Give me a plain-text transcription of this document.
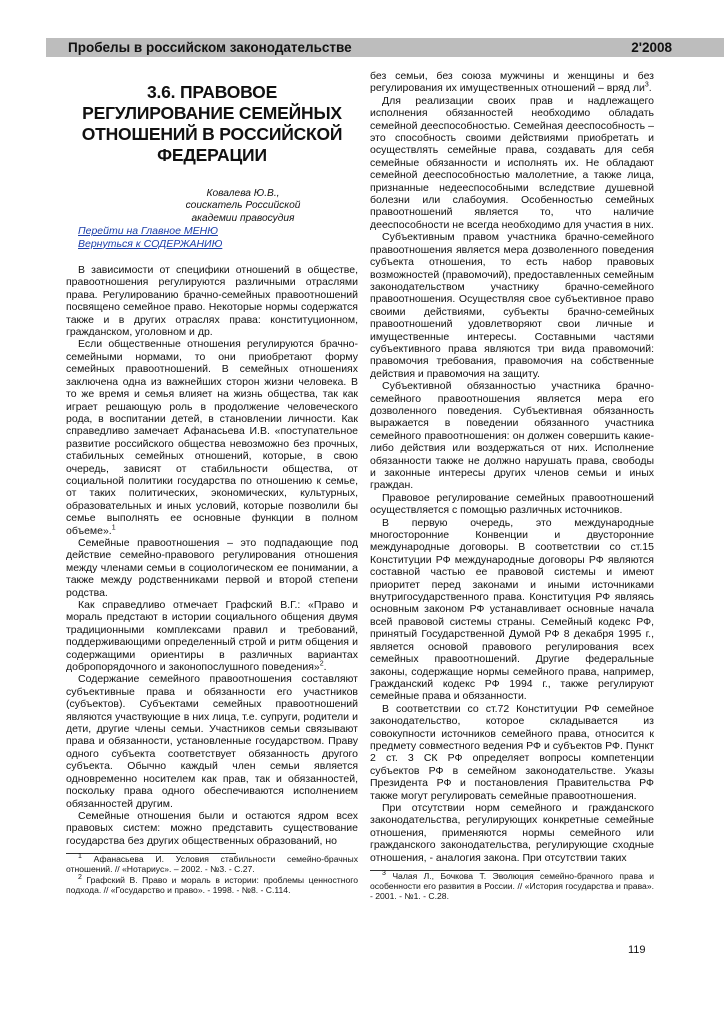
Пробелы в российском законодательстве	2'2008
3.6. ПРАВОВОЕ
РЕГУЛИРОВАНИЕ СЕМЕЙНЫХ
ОТНОШЕНИЙ В РОССИЙСКОЙ
ФЕДЕРАЦИИ
Ковалева Ю.В.,
соискатель Российской
академии правосудия
Перейти на Главное МЕНЮ
Вернуться к СОДЕРЖАНИЮ

В зависимости от специфики отношений в обществе, правоотношения регулируются различными отраслями права. Регулированию брачно-семейных правоотношений посвящено семейное право. Некоторые нормы содержатся также и в других отраслях права: конституционном, гражданском, уголовном и др.

Если общественные отношения регулируются брачно-семейными нормами, то они приобретают форму семейных правоотношений. В семейных отношениях заключена одна из важнейших сторон жизни человека. В то же время и семья влияет на жизнь общества, так как играет решающую роль в продолжение человеческого рода, в воспитании детей, в становлении личности. Как справедливо замечает Афанасьева И.В. «поступательное развитие российского общества невозможно без прочных, стабильных семейных отношений, которые, в свою очередь, зависят от стабильности общества, от социальной политики государства по отношению к семье, от таких политических, экономических, культурных, образовательных и иных условий, которые позволили бы семье выполнять ее основные функции в полном объеме».$^1$

Семейные правоотношения – это подпадающие под действие семейно-правового регулирования отношения между членами семьи в социологическом ее понимании, а также между родственниками первой и второй степени родства.

Как справедливо отмечает Графский В.Г.: «Право и мораль предстают в истории социального общения двумя традиционными комплексами правил и требований, поддерживающими определенный строй и ритм общения и содержащими ориентиры в различных вариантах добропорядочного и законопослушного поведения»$^2$.

Содержание семейного правоотношения составляют субъективные права и обязанности его участников (субъектов). Субъектами семейных правоотношений являются участвующие в них лица, т.е. супруги, родители и дети, другие члены семьи. Участников семьи связывают права и обязанности, установленные государством. Праву одного субъекта соответствует обязанность другого субъекта. Обычно каждый член семьи является одновременно носителем как прав, так и обязанностей, поскольку права одного обеспечиваются исполнением обязанностей другим.

Семейные отношения были и остаются ядром всех правовых систем: можно представить существование государства без других общественных образований, но

$^1$ Афанасьева И. Условия стабильности семейно-брачных отношений. // «Нотариус». – 2002. - №3. - С.27.

$^2$ Графский В. Право и мораль в истории: проблемы ценностного подхода. // «Государство и право». - 1998. - №8. - С.114.

без семьи, без союза мужчины и женщины и без регулирования их имущественных отношений – вряд $ли^3$.

Для реализации своих прав и надлежащего исполнения обязанностей необходимо обладать семейной дееспособностью. Семейная дееспособность – это способность своими действиями приобретать и осуществлять семейные права, создавать для себя семейные обязанности и исполнять их. Не обладают семейной дееспособностью малолетние, а также лица, признанные недееспособными вследствие душевной болезни или слабоумия. Особенностью семейных правоотношений является то, что наличие дееспособности не всегда необходимо для участия в них.

Субъективным правом участника брачно-семейного правоотношения является мера дозволенного поведения субъекта отношения, то есть набор правовых возможностей (правомочий), предоставленных семейным законодательством участнику брачно-семейного правоотношения. Осуществляя свое субъективное право своими действиями, субъекты брачно-семейных правоотношений удовлетворяют свои личные и имущественные интересы. Составными частями субъективного права являются три вида правомочий: правомочия требования, правомочия на собственные действия и правомочия на защиту.

Субъективной обязанностью участника брачно-семейного правоотношения является мера его дозволенного поведения. Субъективная обязанность выражается в поведении обязанного участника семейного правоотношения: он должен совершить какие-либо действия или воздержаться от них. Исполнение обязанности также не должно нарушать права, свободы и законные интересы других членов семьи и иных граждан.

Правовое регулирование семейных правоотношений осуществляется с помощью различных источников.

В первую очередь, это международные многосторонние Конвенции и двусторонние международные договоры. В соответствии со ст.15 Конституции РФ международные договоры РФ являются составной частью ее правовой системы и имеют приоритет перед законами и иными источниками внутригосударственного права. Конституция РФ являясь основным законом РФ устанавливает основные начала всей правовой системы страны. Семейный кодекс РФ, принятый Государственной Думой РФ 8 декабря 1995 г., является основой правового регулирования всех семейных правоотношений. Другие федеральные законы, содержащие нормы семейного права, например, Гражданский кодекс РФ 1994 г., также регулируют семейные права и обязанности.

В соответствии со ст.72 Конституции РФ семейное законодательство, которое складывается из совокупности источников семейного права, относится к предмету совместного ведения РФ и субъектов РФ. Пункт 2 ст. 3 СК РФ определяет вопросы компетенции субъектов РФ в семейном законодательстве. Указы Президента РФ и постановления Правительства РФ также могут регулировать семейные правоотношения.

При отсутствии норм семейного и гражданского законодательства, регулирующих конкретные семейные отношения, применяются нормы семейного или гражданского законодательства, регулирующие сходные отношения, - аналогия закона. При отсутствии таких

$^3$ Чалая Л., Бочкова Т. Эволюция семейно-брачного права и особенности его развития в России. // «История государства и права». - 2001. - №1. - С.28.

119
